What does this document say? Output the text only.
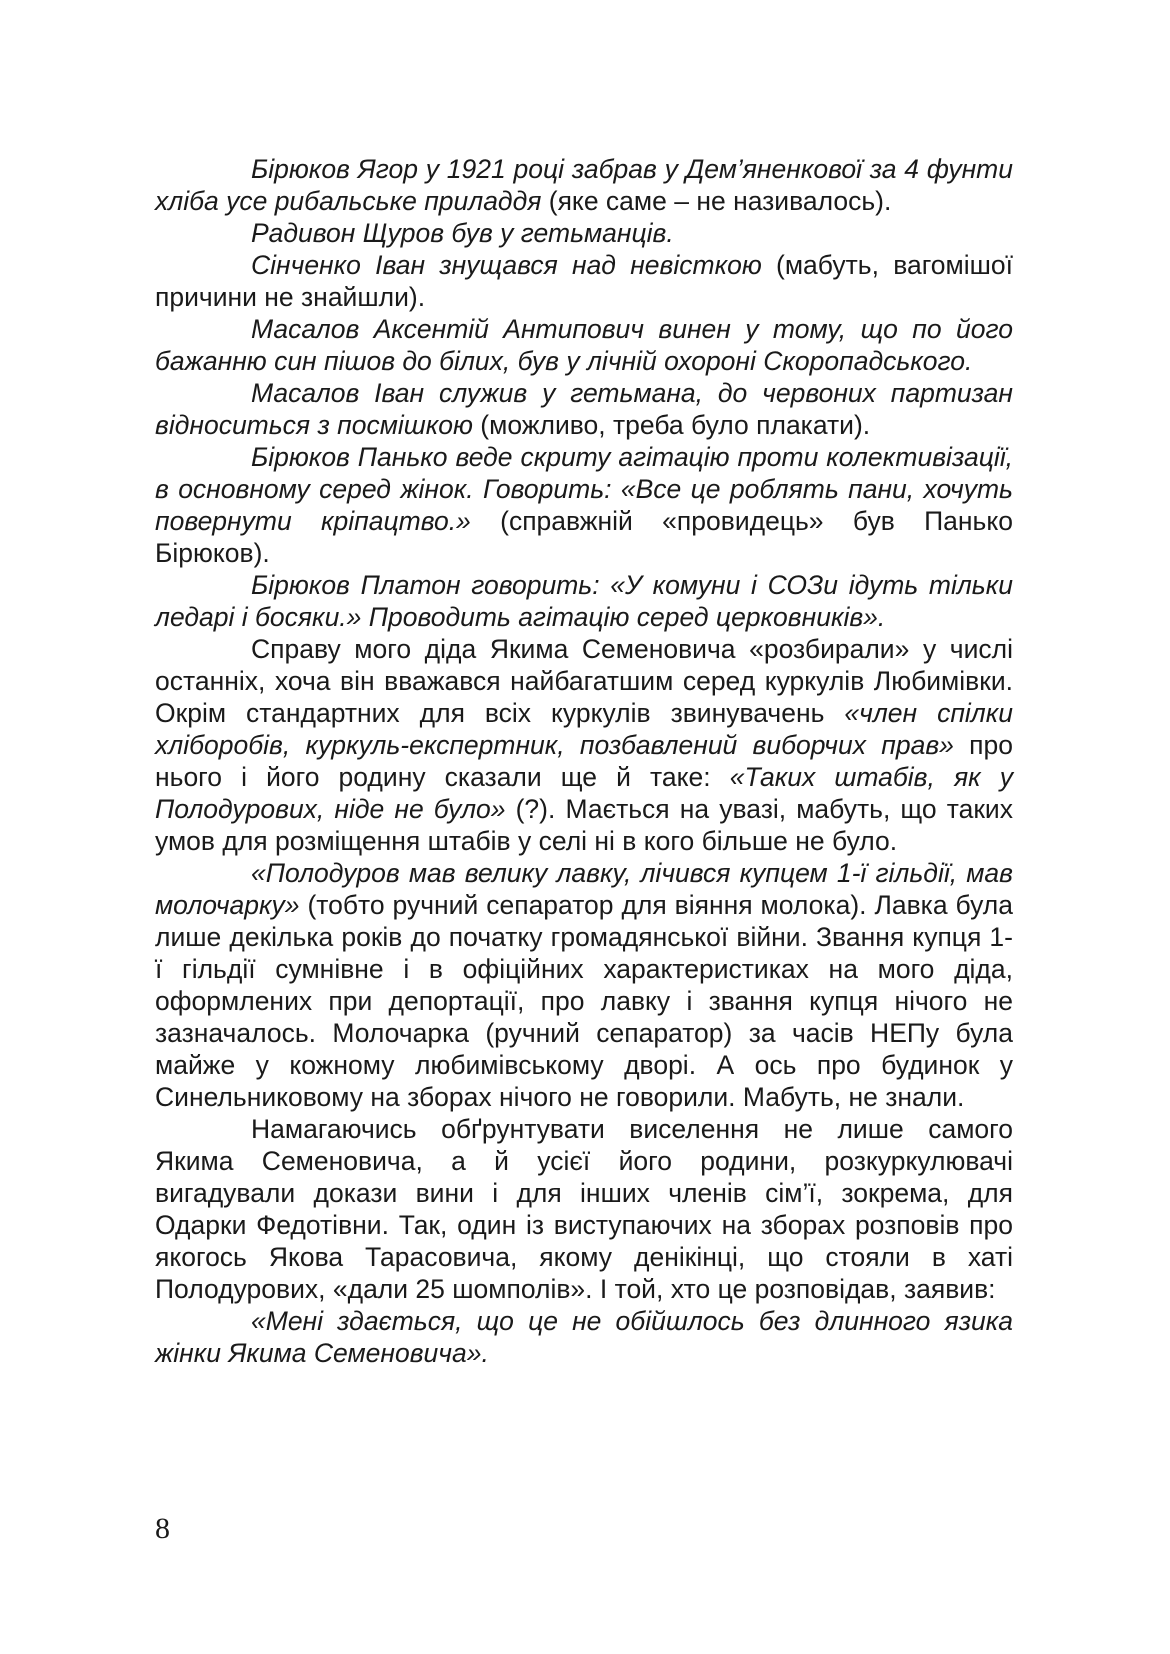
Бірюков Ягор у 1921 році забрав у Дем’яненкової за 4 фунти хліба усе рибальське приладдя (яке саме – не називалось).

Радивон Щуров був у гетьманців.

Сінченко Іван знущався над невісткою (мабуть, вагомішої причини не знайшли).

Масалов Аксентій Антипович винен у тому, що по його бажанню син пішов до білих, був у лічній охороні Скоропадського.

Масалов Іван служив у гетьмана, до червоних партизан відноситься з посмішкою (можливо, треба було плакати).

Бірюков Панько веде скриту агітацію проти колективізації, в основному серед жінок. Говорить: «Все це роблять пани, хочуть повернути кріпацтво.» (справжній «провидець» був Панько Бірюков).

Бірюков Платон говорить: «У комуни і СОЗи ідуть тільки ледарі і босяки.» Проводить агітацію серед церковників».

Справу мого діда Якима Семеновича «розбирали» у числі останніх, хоча він вважався найбагатшим серед куркулів Любимівки. Окрім стандартних для всіх куркулів звинувачень «член спілки хліборобів, куркуль-експертник, позбавлений виборчих прав» про нього і його родину сказали ще й таке: «Таких штабів, як у Полодурових, ніде не було» (?). Мається на увазі, мабуть, що таких умов для розміщення штабів у селі ні в кого більше не було.

«Полодуров мав велику лавку, лічився купцем 1-ї гільдії, мав молочарку» (тобто ручний сепаратор для віяння молока). Лавка була лише декілька років до початку громадянської війни. Звання купця 1-ї гільдії сумнівне і в офіційних характеристиках на мого діда, оформлених при депортації, про лавку і звання купця нічого не зазначалось. Молочарка (ручний сепаратор) за часів НЕПу була майже у кожному любимівському дворі. А ось про будинок у Синельниковому на зборах нічого не говорили. Мабуть, не знали.

Намагаючись обґрунтувати виселення не лише самого Якима Семеновича, а й усієї його родини, розкуркулювачі вигадували докази вини і для інших членів сім’ї, зокрема, для Одарки Федотівни. Так, один із виступаючих на зборах розповів про якогось Якова Тарасовича, якому денікінці, що стояли в хаті Полодурових, «дали 25 шомполів». І той, хто це розповідав, заявив:

«Мені здається, що це не обійшлось без длинного язика жінки Якима Семеновича».

8
